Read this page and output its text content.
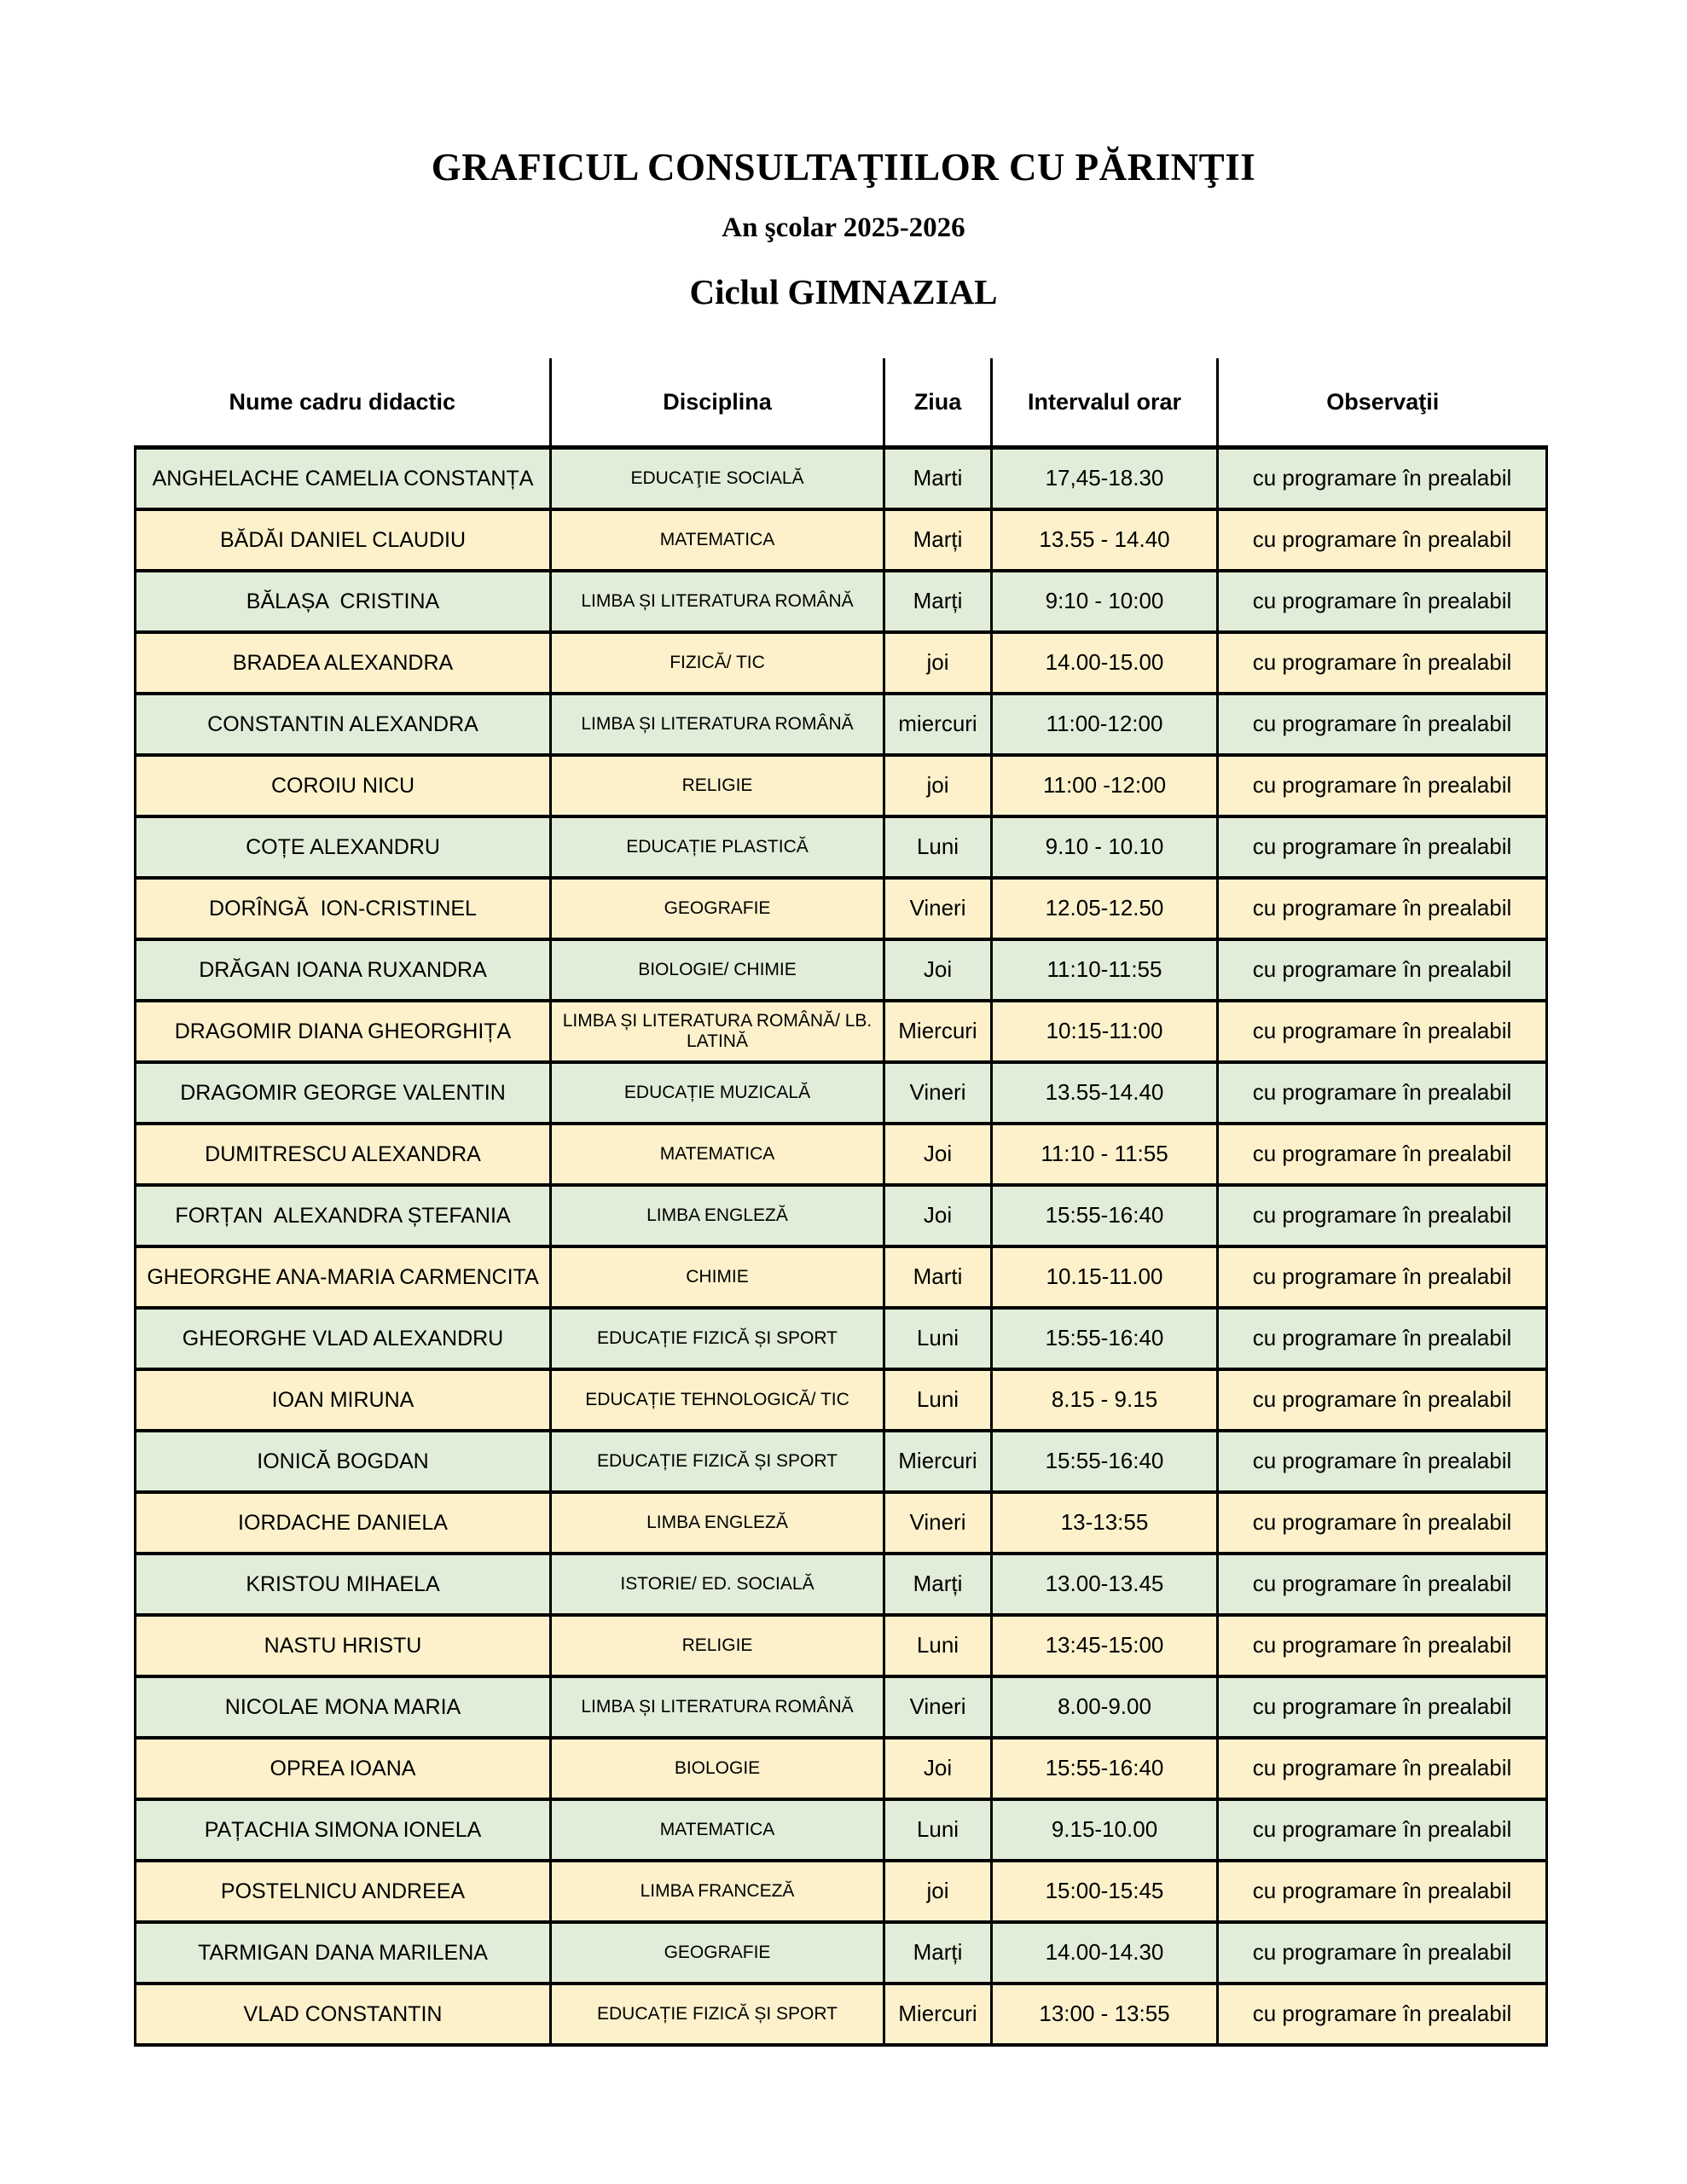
GRAFICUL CONSULTAŢIILOR CU PĂRINŢII
An şcolar 2025-2026
Ciclul GIMNAZIAL
Nume cadru didactic	Disciplina	Ziua	Intervalul orar	Observaţii
ANGHELACHE CAMELIA CONSTANȚA	EDUCAŢIE SOCIALĂ	Marti	17,45-18.30	cu programare în prealabil
BĂDĂI DANIEL CLAUDIU	MATEMATICA	Marți	13.55 - 14.40	cu programare în prealabil
BĂLAȘA  CRISTINA	LIMBA ȘI LITERATURA ROMÂNĂ	Marți	9:10 - 10:00	cu programare în prealabil
BRADEA ALEXANDRA	FIZICĂ/ TIC	joi	14.00-15.00	cu programare în prealabil
CONSTANTIN ALEXANDRA	LIMBA ȘI LITERATURA ROMÂNĂ	miercuri	11:00-12:00	cu programare în prealabil
COROIU NICU	RELIGIE	joi	11:00 -12:00	cu programare în prealabil
COȚE ALEXANDRU	EDUCAȚIE PLASTICĂ	Luni	9.10 - 10.10	cu programare în prealabil
DORÎNGĂ  ION-CRISTINEL	GEOGRAFIE	Vineri	12.05-12.50	cu programare în prealabil
DRĂGAN IOANA RUXANDRA	BIOLOGIE/ CHIMIE	Joi	11:10-11:55	cu programare în prealabil
DRAGOMIR DIANA GHEORGHIȚA	LIMBA ȘI LITERATURA ROMÂNĂ/ LB. LATINĂ	Miercuri	10:15-11:00	cu programare în prealabil
DRAGOMIR GEORGE VALENTIN	EDUCAȚIE MUZICALĂ	Vineri	13.55-14.40	cu programare în prealabil
DUMITRESCU ALEXANDRA	MATEMATICA	Joi	11:10 - 11:55	cu programare în prealabil
FORȚAN  ALEXANDRA ȘTEFANIA	LIMBA ENGLEZĂ	Joi	15:55-16:40	cu programare în prealabil
GHEORGHE ANA-MARIA CARMENCITA	CHIMIE	Marti	10.15-11.00	cu programare în prealabil
GHEORGHE VLAD ALEXANDRU	EDUCAȚIE FIZICĂ ȘI SPORT	Luni	15:55-16:40	cu programare în prealabil
IOAN MIRUNA	EDUCAȚIE TEHNOLOGICĂ/ TIC	Luni	8.15 - 9.15	cu programare în prealabil
IONICĂ BOGDAN	EDUCAȚIE FIZICĂ ȘI SPORT	Miercuri	15:55-16:40	cu programare în prealabil
IORDACHE DANIELA	LIMBA ENGLEZĂ	Vineri	13-13:55	cu programare în prealabil
KRISTOU MIHAELA	ISTORIE/ ED. SOCIALĂ	Marți	13.00-13.45	cu programare în prealabil
NASTU HRISTU	RELIGIE	Luni	13:45-15:00	cu programare în prealabil
NICOLAE MONA MARIA	LIMBA ȘI LITERATURA ROMÂNĂ	Vineri	8.00-9.00	cu programare în prealabil
OPREA IOANA	BIOLOGIE	Joi	15:55-16:40	cu programare în prealabil
PAȚACHIA SIMONA IONELA	MATEMATICA	Luni	9.15-10.00	cu programare în prealabil
POSTELNICU ANDREEA	LIMBA FRANCEZĂ	joi	15:00-15:45	cu programare în prealabil
TARMIGAN DANA MARILENA	GEOGRAFIE	Marți	14.00-14.30	cu programare în prealabil
VLAD CONSTANTIN	EDUCAȚIE FIZICĂ ȘI SPORT	Miercuri	13:00 - 13:55	cu programare în prealabil
